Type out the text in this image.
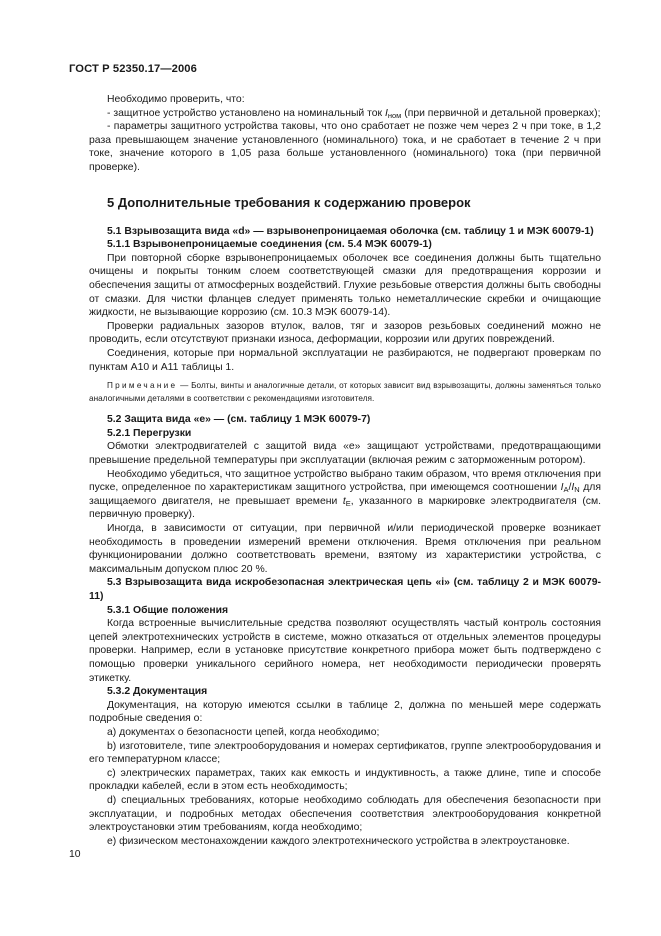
ГОСТ Р 52350.17—2006

Необходимо проверить, что:

- защитное устройство установлено на номинальный ток $I_{ном}$ (при первичной и детальной проверках);

- параметры защитного устройства таковы, что оно сработает не позже чем через 2 ч при токе, в 1,2 раза превышающем значение установленного (номинального) тока, и не сработает в течение 2 ч при токе, значение которого в 1,05 раза больше установленного (номинального) тока (при первичной проверке).

5 Дополнительные требования к содержанию проверок

5.1 Взрывозащита вида «d» — взрывонепроницаемая оболочка (см. таблицу 1 и МЭК 60079-1)

5.1.1 Взрывонепроницаемые соединения (см. 5.4 МЭК 60079-1)

При повторной сборке взрывонепроницаемых оболочек все соединения должны быть тщательно очищены и покрыты тонким слоем соответствующей смазки для предотвращения коррозии и обеспечения защиты от атмосферных воздействий. Глухие резьбовые отверстия должны быть свободны от смазки. Для чистки фланцев следует применять только неметаллические скребки и очищающие жидкости, не вызывающие коррозию (см. 10.3 МЭК 60079-14).

Проверки радиальных зазоров втулок, валов, тяг и зазоров резьбовых соединений можно не проводить, если отсутствуют признаки износа, деформации, коррозии или других повреждений.

Соединения, которые при нормальной эксплуатации не разбираются, не подвергают проверкам по пунктам А10 и А11 таблицы 1.

Примечание — Болты, винты и аналогичные детали, от которых зависит вид взрывозащиты, должны заменяться только аналогичными деталями в соответствии с рекомендациями изготовителя.

5.2 Защита вида «е» — (см. таблицу 1 МЭК 60079-7)

5.2.1 Перегрузки

Обмотки электродвигателей с защитой вида «е» защищают устройствами, предотвращающими превышение предельной температуры при эксплуатации (включая режим с заторможенным ротором).

Необходимо убедиться, что защитное устройство выбрано таким образом, что время отключения при пуске, определенное по характеристикам защитного устройства, при имеющемся соотношении $I_A/I_N$ для защищаемого двигателя, не превышает времени $t_E$, указанного в маркировке электродвигателя (см. первичную проверку).

Иногда, в зависимости от ситуации, при первичной и/или периодической проверке возникает необходимость в проведении измерений времени отключения. Время отключения при реальном функционировании должно соответствовать времени, взятому из характеристики устройства, с максимальным допуском плюс 20 %.

5.3 Взрывозащита вида искробезопасная электрическая цепь «i» (см. таблицу 2 и МЭК 60079-11)

5.3.1 Общие положения

Когда встроенные вычислительные средства позволяют осуществлять частый контроль состояния цепей электротехнических устройств в системе, можно отказаться от отдельных элементов процедуры проверки. Например, если в установке присутствие конкретного прибора может быть подтверждено с помощью проверки уникального серийного номера, нет необходимости периодически проверять этикетку.

5.3.2 Документация

Документация, на которую имеются ссылки в таблице 2, должна по меньшей мере содержать подробные сведения о:

а) документах о безопасности цепей, когда необходимо;

b) изготовителе, типе электрооборудования и номерах сертификатов, группе электрооборудования и его температурном классе;

с) электрических параметрах, таких как емкость и индуктивность, а также длине, типе и способе прокладки кабелей, если в этом есть необходимость;

d) специальных требованиях, которые необходимо соблюдать для обеспечения безопасности при эксплуатации, и подробных методах обеспечения соответствия электрооборудования конкретной электроустановки этим требованиям, когда необходимо;

е) физическом местонахождении каждого электротехнического устройства в электроустановке.

10
